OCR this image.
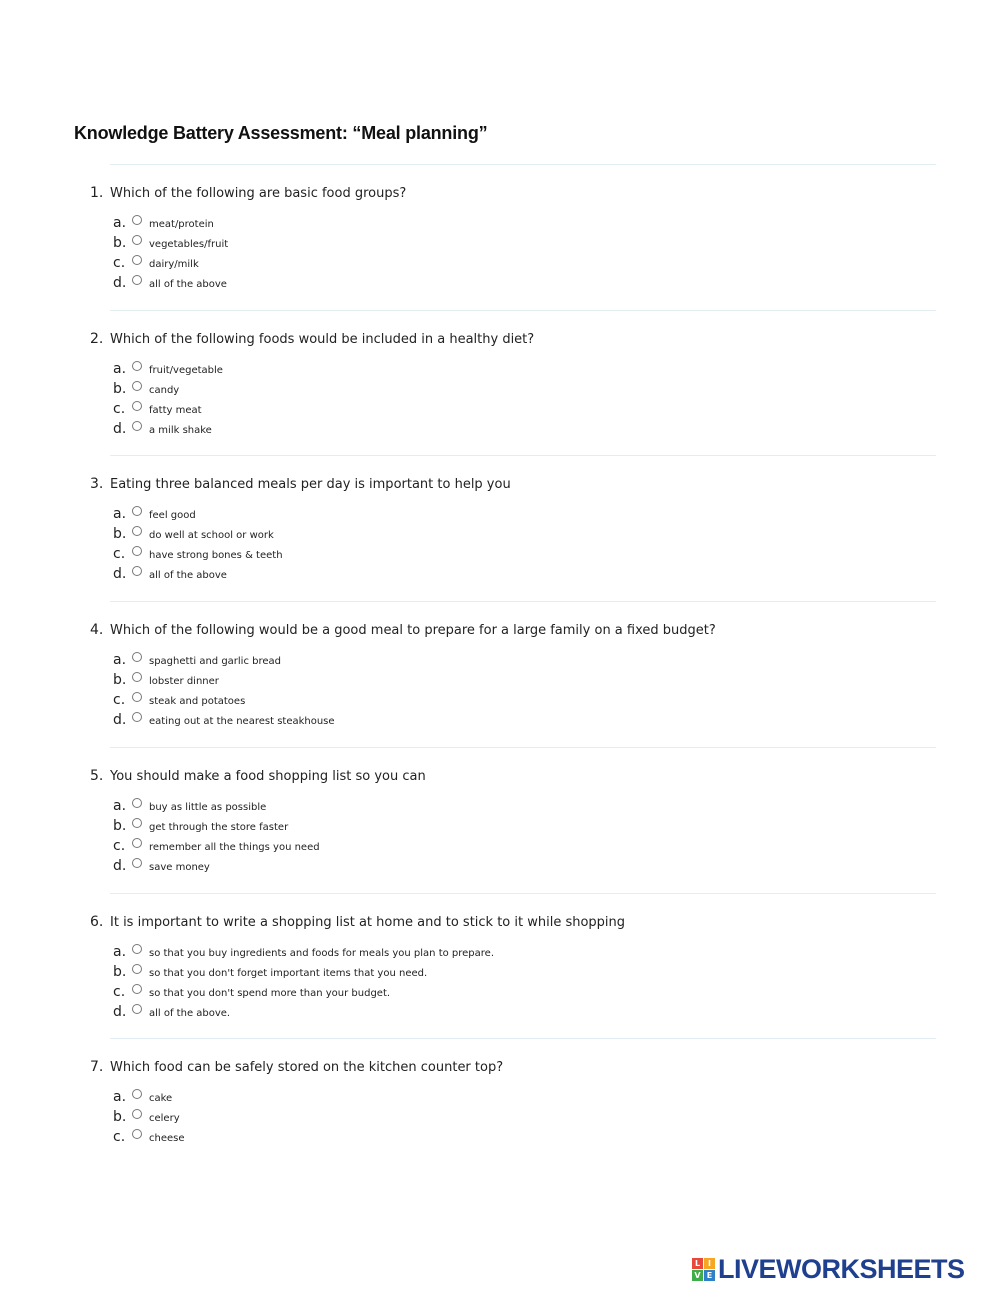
Knowledge Battery Assessment: “Meal planning”
1. Which of the following are basic food groups?
a.	meat/protein
b.	vegetables/fruit
c.	dairy/milk
d.	all of the above
2. Which of the following foods would be included in a healthy diet?
a.	fruit/vegetable
b.	candy
c.	fatty meat
d.	a milk shake
3. Eating three balanced meals per day is important to help you
a.	feel good
b.	do well at school or work
c.	have strong bones & teeth
d.	all of the above
4. Which of the following would be a good meal to prepare for a large family on a fixed budget?
a.	spaghetti and garlic bread
b.	lobster dinner
c.	steak and potatoes
d.	eating out at the nearest steakhouse
5. You should make a food shopping list so you can
a.	buy as little as possible
b.	get through the store faster
c.	remember all the things you need
d.	save money
6. It is important to write a shopping list at home and to stick to it while shopping
a.	so that you buy ingredients and foods for meals you plan to prepare.
b.	so that you don't forget important items that you need.
c.	so that you don't spend more than your budget.
d.	all of the above.
7. Which food can be safely stored on the kitchen counter top?
a.	cake
b.	celery
c.	cheese
L I
V E LIVEWORKSHEETS
